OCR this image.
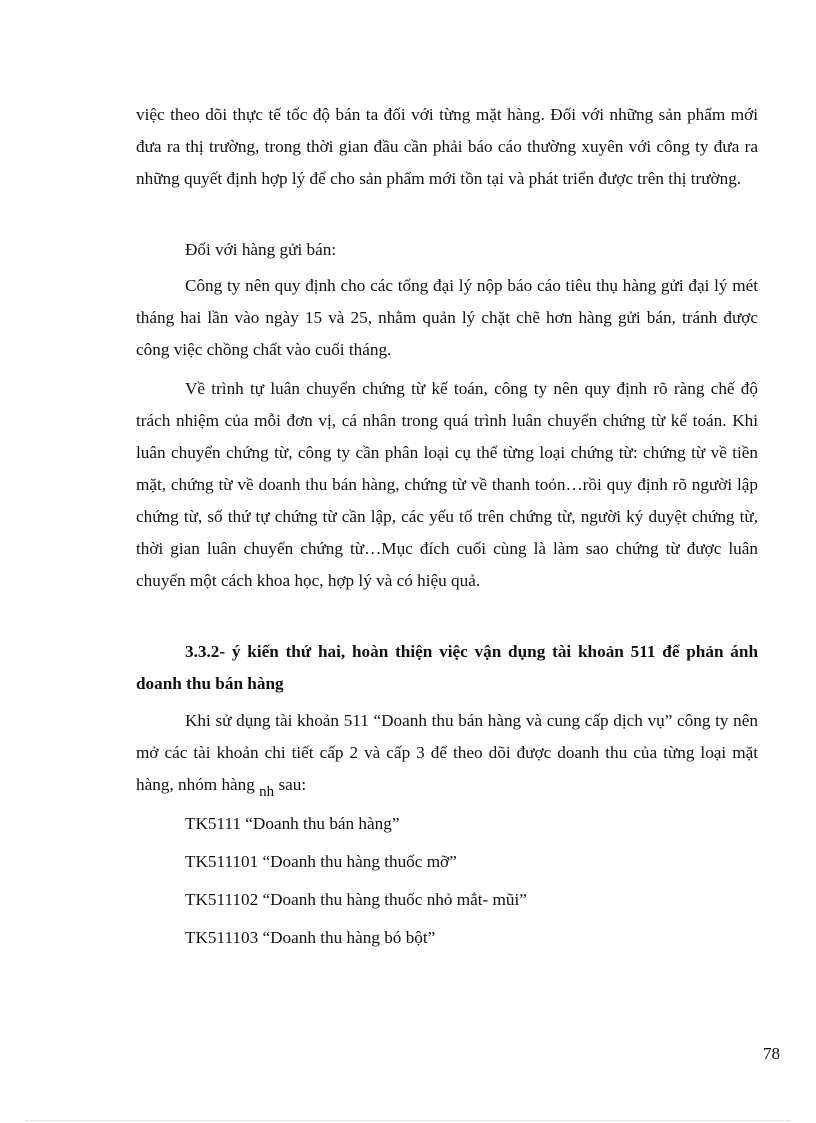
việc theo dõi thực tế tốc độ bán ta đối với từng mặt hàng. Đối với những sản phẩm mới đưa ra thị trường, trong thời gian đầu cần phải báo cáo thường xuyên với công ty đưa ra những quyết định hợp lý để cho sản phẩm mới tồn tại và phát triển được trên thị trường.

Đối với hàng gửi bán:

Công ty nên quy định cho các tổng đại lý nộp báo cáo tiêu thụ hàng gửi đại lý mét tháng hai lần vào ngày 15 và 25, nhằm quản lý chặt chẽ hơn hàng gửi bán, tránh được công việc chồng chất vào cuối tháng.

Về trình tự luân chuyển chứng từ kế toán, công ty nên quy định rõ ràng chế độ trách nhiệm của mỗi đơn vị, cá nhân trong quá trình luân chuyển chứng từ kế toán. Khi luân chuyển chứng từ, công ty cần phân loại cụ thể từng loại chứng từ: chứng từ về tiền mặt, chứng từ về doanh thu bán hàng, chứng từ về thanh toỏn…rồi quy định rõ người lập chứng từ, số thứ tự chứng từ cần lập, các yếu tố trên chứng từ, người ký duyệt chứng từ, thời gian luân chuyển chứng từ…Mục đích cuối cùng là làm sao chứng từ được luân chuyển một cách khoa học, hợp lý và có hiệu quả.

3.3.2- ý kiến thứ hai, hoàn thiện việc vận dụng tài khoản 511 để phản ánh doanh thu bán hàng

Khi sử dụng tài khoản 511 “Doanh thu bán hàng và cung cấp dịch vụ” công ty nên mở các tài khoản chi tiết cấp 2 và cấp 3 để theo dõi được doanh thu của từng loại mặt hàng, nhóm hàng nh sau:

TK5111 “Doanh thu bán hàng”

TK511101 “Doanh thu hàng thuốc mỡ”

TK511102 “Doanh thu hàng thuốc nhỏ mắt- mũi”

TK511103 “Doanh thu hàng bó bột”

78
